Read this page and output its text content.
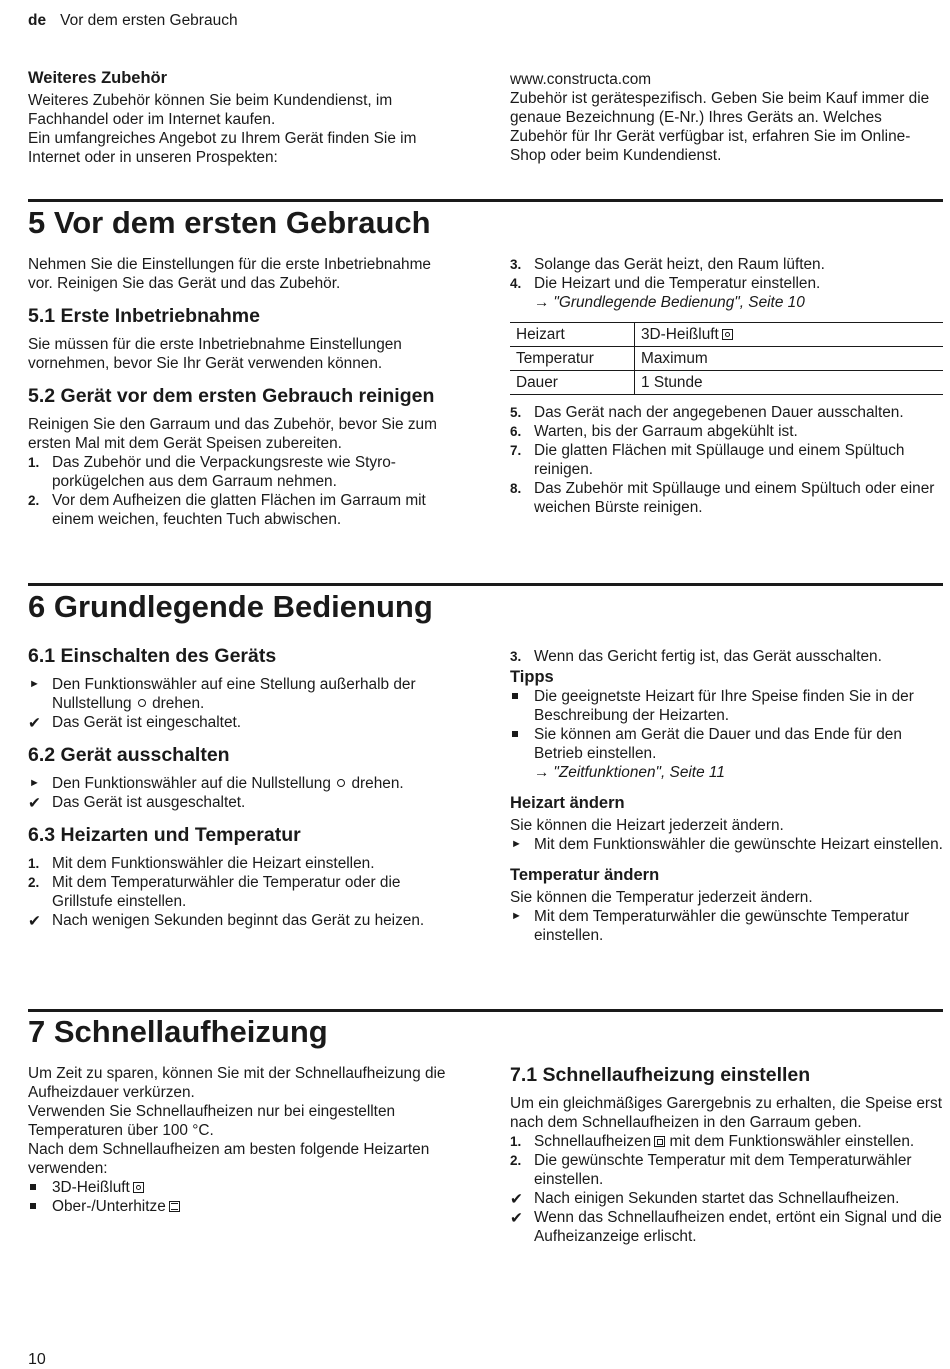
de Vor dem ersten Gebrauch
Weiteres Zubehör

Weiteres Zubehör können Sie beim Kundendienst, im Fachhandel oder im Internet kaufen.

Ein umfangreiches Angebot zu Ihrem Gerät finden Sie im Internet oder in unseren Prospekten:

www.constructa.com

Zubehör ist gerätespezifisch. Geben Sie beim Kauf immer die genaue Bezeichnung (E-Nr.) Ihres Geräts an. Welches Zubehör für Ihr Gerät verfügbar ist, erfahren Sie im Online-Shop oder beim Kundendienst.

5 Vor dem ersten Gebrauch

Nehmen Sie die Einstellungen für die erste Inbetriebnahme vor. Reinigen Sie das Gerät und das Zubehör.

5.1 Erste Inbetriebnahme

Sie müssen für die erste Inbetriebnahme Einstellungen vornehmen, bevor Sie Ihr Gerät verwenden können.

5.2 Gerät vor dem ersten Gebrauch reinigen

Reinigen Sie den Garraum und das Zubehör, bevor Sie zum ersten Mal mit dem Gerät Speisen zubereiten.

1. Das Zubehör und die Verpackungsreste wie Styroporkügelchen aus dem Garraum nehmen.
2. Vor dem Aufheizen die glatten Flächen im Garraum mit einem weichen, feuchten Tuch abwischen.
3. Solange das Gerät heizt, den Raum lüften.
4. Die Heizart und die Temperatur einstellen.
→ "Grundlegende Bedienung", Seite 10
Heizart	3D-Heißluft
Temperatur	Maximum
Dauer	1 Stunde
5. Das Gerät nach der angegebenen Dauer ausschalten.
6. Warten, bis der Garraum abgekühlt ist.
7. Die glatten Flächen mit Spüllauge und einem Spültuch reinigen.
8. Das Zubehör mit Spüllauge und einem Spültuch oder einer weichen Bürste reinigen.
6 Grundlegende Bedienung
6.1 Einschalten des Geräts
► Den Funktionswähler auf eine Stellung außerhalb der Nullstellung drehen.
✔ Das Gerät ist eingeschaltet.
6.2 Gerät ausschalten
► Den Funktionswähler auf die Nullstellung drehen.
✔ Das Gerät ist ausgeschaltet.
6.3 Heizarten und Temperatur
1. Mit dem Funktionswähler die Heizart einstellen.
2. Mit dem Temperaturwähler die Temperatur oder die Grillstufe einstellen.
✔ Nach wenigen Sekunden beginnt das Gerät zu heizen.
3. Wenn das Gericht fertig ist, das Gerät ausschalten.
Tipps
Die geeignetste Heizart für Ihre Speise finden Sie in der Beschreibung der Heizarten.
Sie können am Gerät die Dauer und das Ende für den Betrieb einstellen.
→ "Zeitfunktionen", Seite 11
Heizart ändern

Sie können die Heizart jederzeit ändern.

► Mit dem Funktionswähler die gewünschte Heizart einstellen.
Temperatur ändern

Sie können die Temperatur jederzeit ändern.

► Mit dem Temperaturwähler die gewünschte Temperatur einstellen.
7 Schnellaufheizung

Um Zeit zu sparen, können Sie mit der Schnellaufheizung die Aufheizdauer verkürzen.

Verwenden Sie Schnellaufheizen nur bei eingestellten Temperaturen über 100 °C.

Nach dem Schnellaufheizen am besten folgende Heizarten verwenden:

3D-Heißluft
Ober-/Unterhitze
7.1 Schnellaufheizung einstellen

Um ein gleichmäßiges Garergebnis zu erhalten, die Speise erst nach dem Schnellaufheizen in den Garraum geben.

1. Schnellaufheizen mit dem Funktionswähler einstellen.
2. Die gewünschte Temperatur mit dem Temperaturwähler einstellen.
✔ Nach einigen Sekunden startet das Schnellaufheizen.
✔ Wenn das Schnellaufheizen endet, ertönt ein Signal und die Aufheizanzeige erlischt.
10
